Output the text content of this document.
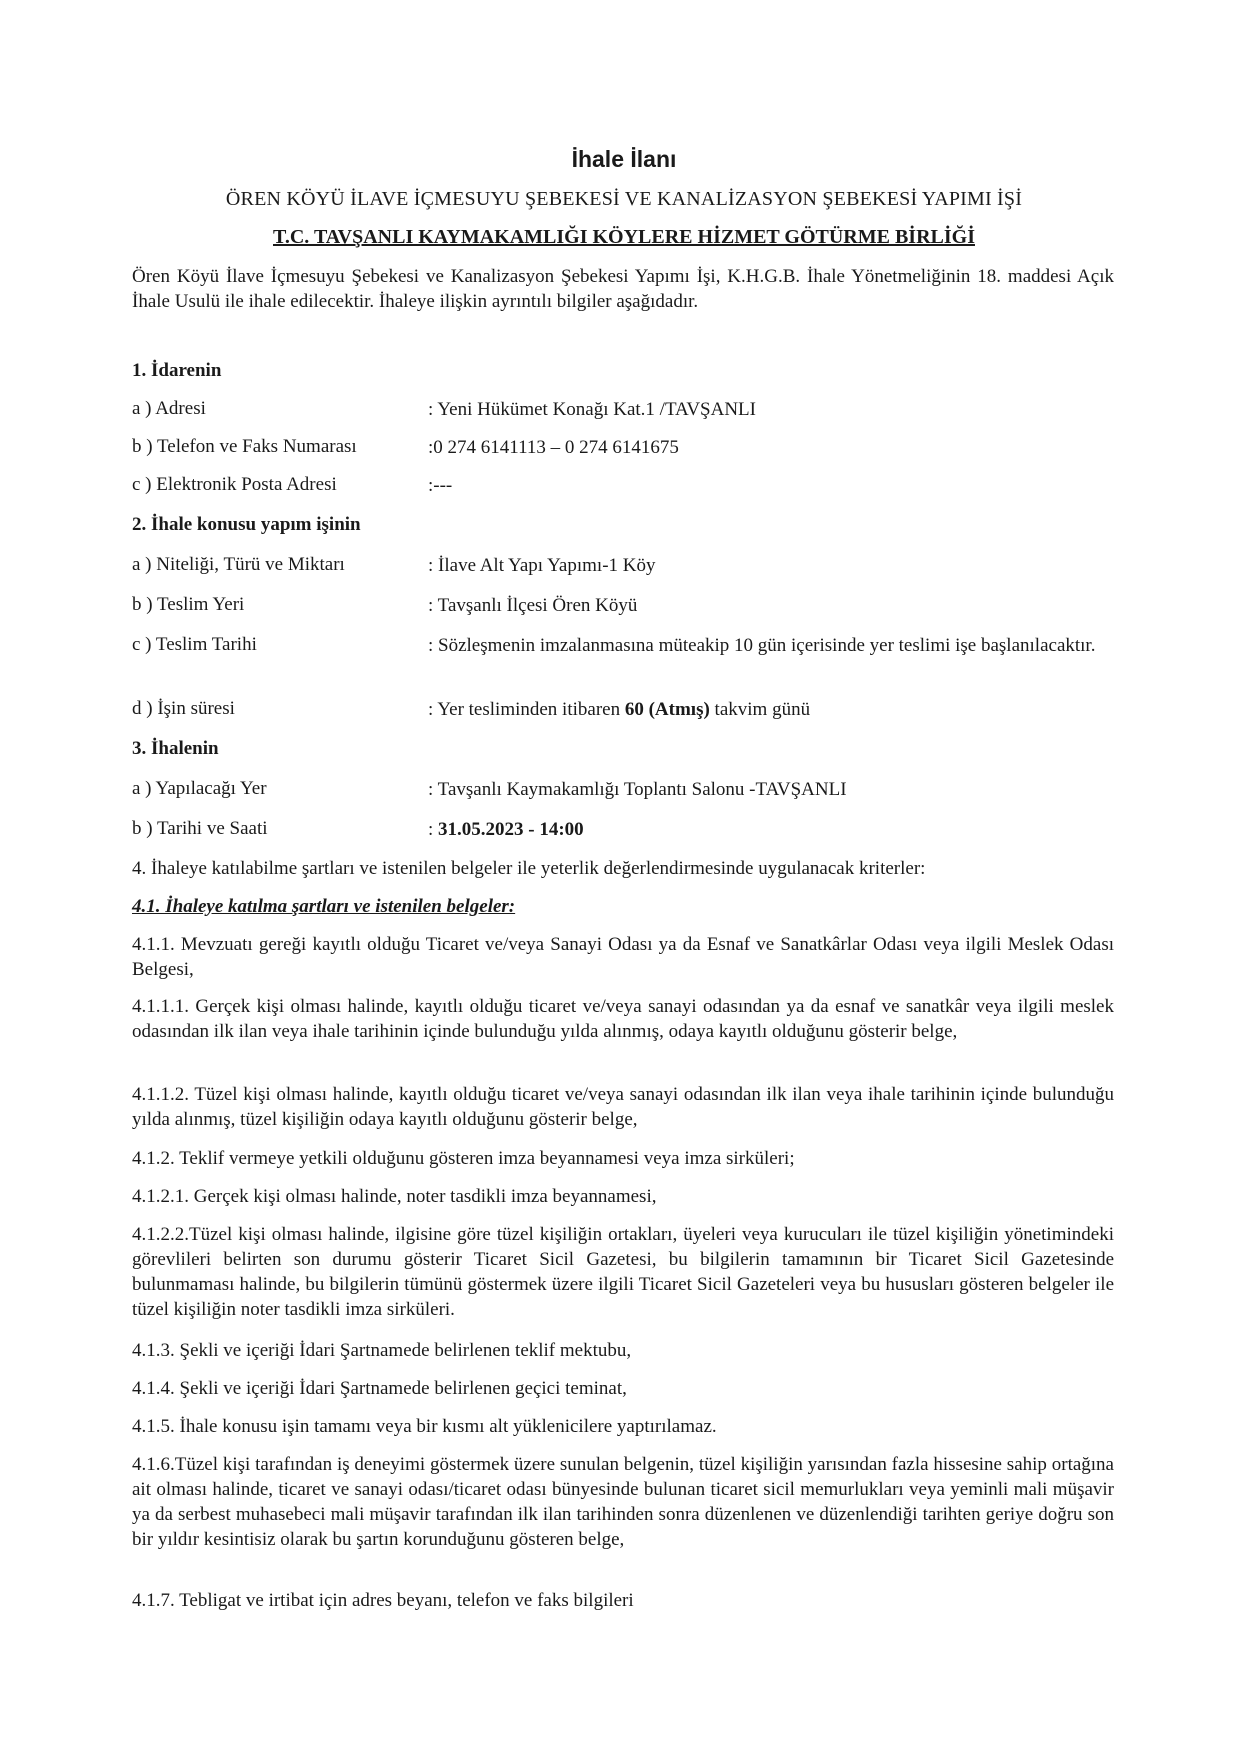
İhale İlanı
ÖREN KÖYÜ İLAVE İÇMESUYU ŞEBEKESİ VE KANALİZASYON ŞEBEKESİ YAPIMI İŞİ
T.C. TAVŞANLI KAYMAKAMLIĞI KÖYLERE HİZMET GÖTÜRME BİRLİĞİ
Ören Köyü İlave İçmesuyu Şebekesi ve Kanalizasyon Şebekesi Yapımı İşi, K.H.G.B. İhale Yönetmeliğinin 18. maddesi Açık İhale Usulü ile ihale edilecektir. İhaleye ilişkin ayrıntılı bilgiler aşağıdadır.
1. İdarenin
a ) Adresi	: Yeni Hükümet Konağı Kat.1 /TAVŞANLI
b ) Telefon ve Faks Numarası	:0 274 6141113 – 0 274 6141675
c ) Elektronik Posta Adresi	:---
2. İhale konusu yapım işinin
a ) Niteliği, Türü ve Miktarı	: İlave Alt Yapı Yapımı-1 Köy
b ) Teslim Yeri	: Tavşanlı İlçesi Ören Köyü
c ) Teslim Tarihi	: Sözleşmenin imzalanmasına müteakip 10 gün içerisinde yer teslimi işe başlanılacaktır.
d ) İşin süresi	: Yer tesliminden itibaren 60 (Atmış) takvim günü
3. İhalenin
a ) Yapılacağı Yer	: Tavşanlı Kaymakamlığı Toplantı Salonu -TAVŞANLI
b ) Tarihi ve Saati	: 31.05.2023 - 14:00
4. İhaleye katılabilme şartları ve istenilen belgeler ile yeterlik değerlendirmesinde uygulanacak kriterler:
4.1. İhaleye katılma şartları ve istenilen belgeler:
4.1.1. Mevzuatı gereği kayıtlı olduğu Ticaret ve/veya Sanayi Odası ya da Esnaf ve Sanatkârlar Odası veya ilgili Meslek Odası Belgesi,
4.1.1.1. Gerçek kişi olması halinde, kayıtlı olduğu ticaret ve/veya sanayi odasından ya da esnaf ve sanatkâr veya ilgili meslek odasından ilk ilan veya ihale tarihinin içinde bulunduğu yılda alınmış, odaya kayıtlı olduğunu gösterir belge,
4.1.1.2. Tüzel kişi olması halinde, kayıtlı olduğu ticaret ve/veya sanayi odasından ilk ilan veya ihale tarihinin içinde bulunduğu yılda alınmış, tüzel kişiliğin odaya kayıtlı olduğunu gösterir belge,
4.1.2. Teklif vermeye yetkili olduğunu gösteren imza beyannamesi veya imza sirküleri;
4.1.2.1. Gerçek kişi olması halinde, noter tasdikli imza beyannamesi,
4.1.2.2.Tüzel kişi olması halinde, ilgisine göre tüzel kişiliğin ortakları, üyeleri veya kurucuları ile tüzel kişiliğin yönetimindeki görevlileri belirten son durumu gösterir Ticaret Sicil Gazetesi, bu bilgilerin tamamının bir Ticaret Sicil Gazetesinde bulunmaması halinde, bu bilgilerin tümünü göstermek üzere ilgili Ticaret Sicil Gazeteleri veya bu hususları gösteren belgeler ile tüzel kişiliğin noter tasdikli imza sirküleri.
4.1.3. Şekli ve içeriği İdari Şartnamede belirlenen teklif mektubu,
4.1.4. Şekli ve içeriği İdari Şartnamede belirlenen geçici teminat,
4.1.5. İhale konusu işin tamamı veya bir kısmı alt yüklenicilere yaptırılamaz.
4.1.6.Tüzel kişi tarafından iş deneyimi göstermek üzere sunulan belgenin, tüzel kişiliğin yarısından fazla hissesine sahip ortağına ait olması halinde, ticaret ve sanayi odası/ticaret odası bünyesinde bulunan ticaret sicil memurlukları veya yeminli mali müşavir ya da serbest muhasebeci mali müşavir tarafından ilk ilan tarihinden sonra düzenlenen ve düzenlendiği tarihten geriye doğru son bir yıldır kesintisiz olarak bu şartın korunduğunu gösteren belge,
4.1.7. Tebligat ve irtibat için adres beyanı, telefon ve faks bilgileri
